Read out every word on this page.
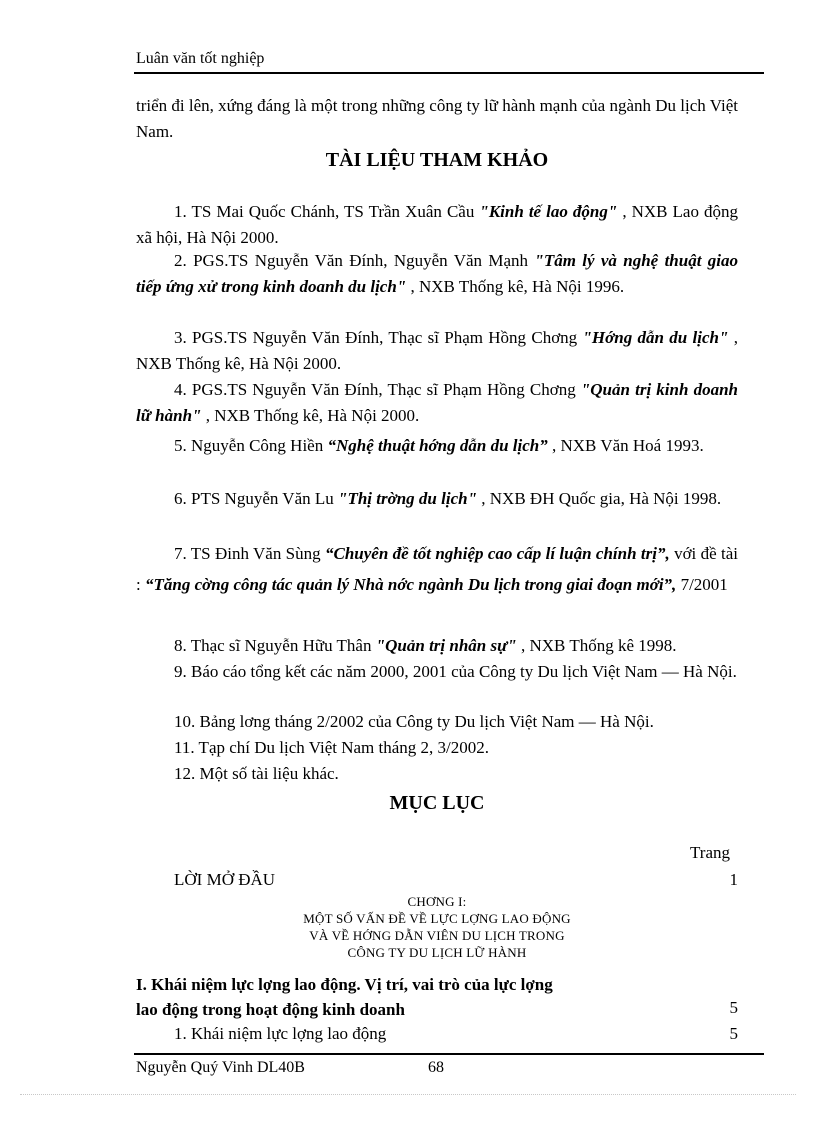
Luân văn tốt nghiệp
triển đi lên, xứng đáng là một trong những công ty lữ hành mạnh của ngành Du lịch Việt Nam.
TÀI LIỆU THAM KHẢO
1. TS Mai Quốc Chánh, TS Trần Xuân Cầu "Kinh tế lao động" , NXB Lao động xã hội, Hà Nội 2000.
2. PGS.TS Nguyễn Văn Đính, Nguyễn Văn Mạnh "Tâm lý và nghệ thuật giao tiếp ứng xử trong kinh doanh du lịch" , NXB Thống kê, Hà Nội 1996.
3. PGS.TS Nguyễn Văn Đính, Thạc sĩ Phạm Hồng Chơng "Hớng dẫn du lịch" , NXB Thống kê, Hà Nội 2000.
4. PGS.TS Nguyễn Văn Đính, Thạc sĩ Phạm Hồng Chơng "Quản trị kinh doanh lữ hành" , NXB Thống kê, Hà Nội 2000.
5. Nguyễn Công Hiền “Nghệ thuật hớng dẫn du lịch” , NXB Văn Hoá 1993.
6. PTS Nguyễn Văn Lu "Thị trờng du lịch" , NXB ĐH Quốc gia, Hà Nội 1998.
7. TS Đinh Văn Sùng “Chuyên đề tốt nghiệp cao cấp lí luận chính trị”, với đề tài : “Tăng cờng công tác quản lý Nhà nớc ngành Du lịch trong giai đoạn mới”, 7/2001
8. Thạc sĩ Nguyễn Hữu Thân "Quản trị nhân sự" , NXB Thống kê 1998.
9. Báo cáo tổng kết các năm 2000, 2001 của Công ty Du lịch Việt Nam — Hà Nội.
10. Bảng lơng tháng 2/2002 của Công ty Du lịch Việt Nam — Hà Nội.
11. Tạp chí Du lịch Việt Nam tháng 2, 3/2002.
12. Một số tài liệu khác.
MỤC LỤC
Trang
LỜI MỞ ĐẦU	1
CHƠNG I:
MỘT SỐ VẤN ĐỀ VỀ LỰC LỢNG LAO ĐỘNG
VÀ VỀ HỚNG DẪN VIÊN DU LỊCH TRONG
CÔNG TY DU LỊCH LỮ HÀNH
I. Khái niệm lực lợng lao động. Vị trí, vai trò của lực lợng
lao động trong hoạt động kinh doanh	5
1. Khái niệm lực lợng lao động	5
Nguyễn Quý Vinh DL40B	68
